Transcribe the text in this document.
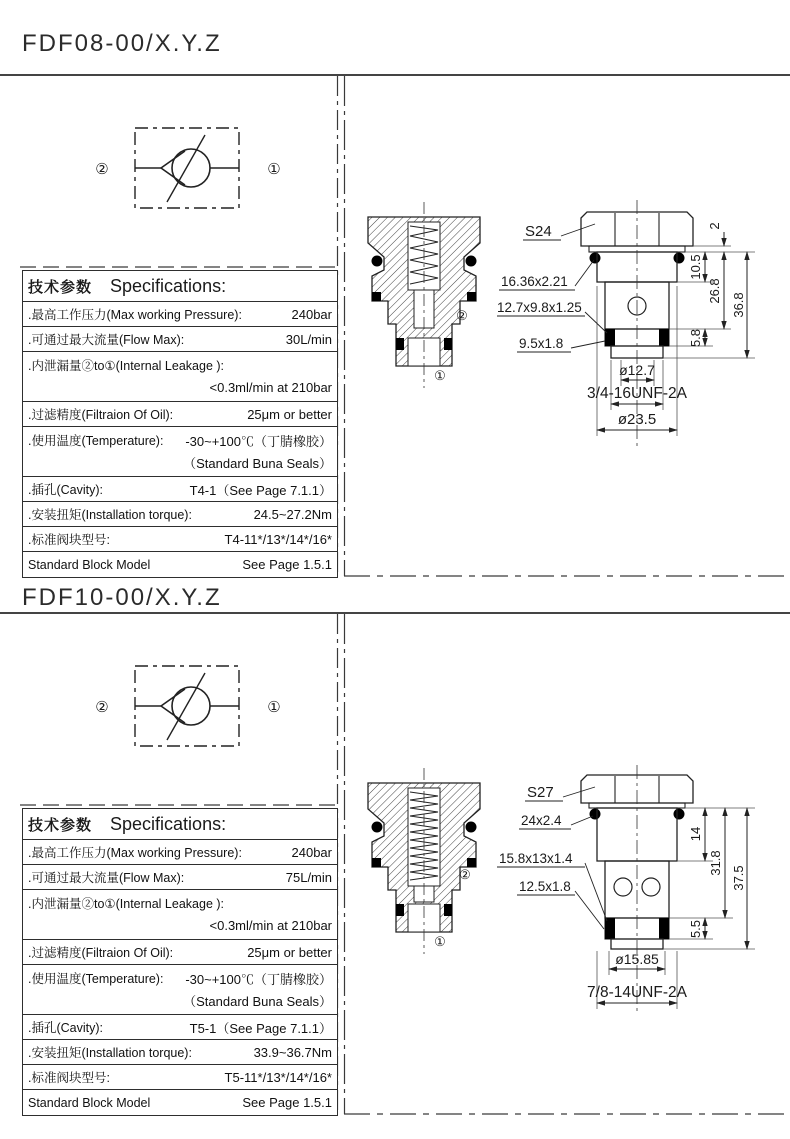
FDF08-00/X.Y.Z
②	①
技术参数 Specifications:
.最高工作压力(Max working Pressure):	240bar
.可通过最大流量(Flow Max):	30L/min
.内泄漏量②to①(Internal Leakage ):
<0.3ml/min at 210bar
.过滤精度(Filtraion Of Oil):	25μm or better
.使用温度(Temperature): -30~+100℃（丁腈橡胶）
（Standard Buna Seals）
.插孔(Cavity):	T4-1（See Page 7.1.1）
.安装扭矩(Installation torque):	24.5~27.2Nm
.标准阀块型号:	T4-11*/13*/14*/16*
Standard Block Model	See Page 1.5.1
②
①
10.5
26.8
5.8
36.8
2
S24
16.36x2.21
12.7x9.8x1.25
9.5x1.8
ø12.7
3/4-16UNF-2A
ø23.5
FDF10-00/X.Y.Z
②	①
技术参数 Specifications:
.最高工作压力(Max working Pressure):	240bar
.可通过最大流量(Flow Max):	75L/min
.内泄漏量②to①(Internal Leakage ):
<0.3ml/min at 210bar
.过滤精度(Filtraion Of Oil):	25μm or better
.使用温度(Temperature): -30~+100℃（丁腈橡胶）
（Standard Buna Seals）
.插孔(Cavity):	T5-1（See Page 7.1.1）
.安装扭矩(Installation torque):	33.9~36.7Nm
.标准阀块型号:	T5-11*/13*/14*/16*
Standard Block Model	See Page 1.5.1
②
①
14
31.8
5.5
37.5
S27
24x2.4
15.8x13x1.4
12.5x1.8
ø15.85
7/8-14UNF-2A
